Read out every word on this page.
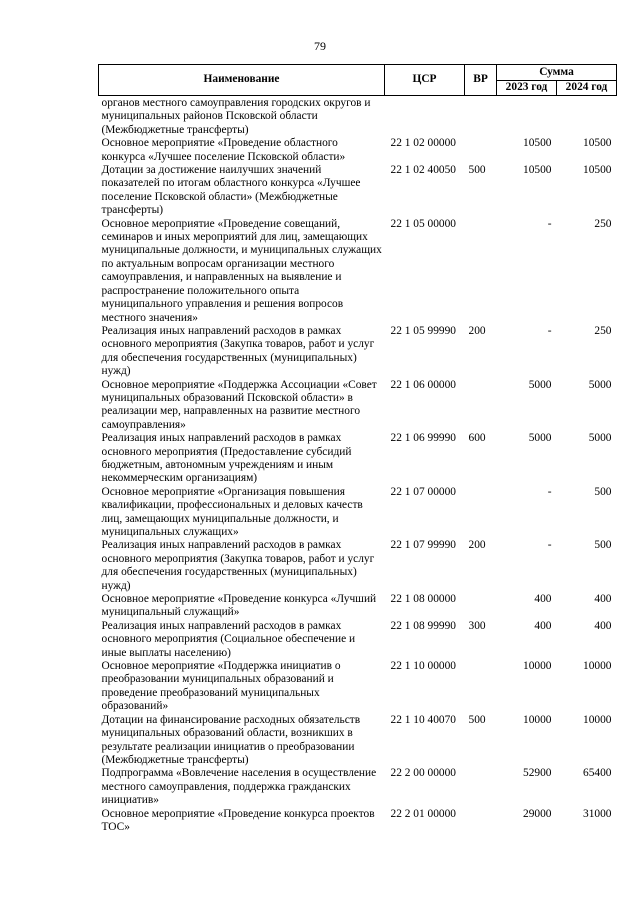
79
Наименование	ЦСР	ВР	Сумма	
			2023 год	2024 год
органов местного самоуправления городских округов и муниципальных районов Псковской области (Межбюджетные трансферты)				
Основное мероприятие «Проведение областного конкурса «Лучшее поселение Псковской области»	22 1 02 00000		10500	10500
Дотации за достижение наилучших значений показателей по итогам областного конкурса «Лучшее поселение Псковской области» (Межбюджетные трансферты)	22 1 02 40050	500	10500	10500
Основное мероприятие «Проведение совещаний, семинаров и иных мероприятий для лиц, замещающих муниципальные должности, и муниципальных служащих по актуальным вопросам организации местного самоуправления, и направленных на выявление и распространение положительного опыта муниципального управления и решения вопросов местного значения»	22 1 05 00000		-	250
Реализация иных направлений расходов в рамках основного мероприятия (Закупка товаров, работ и услуг для обеспечения государственных (муниципальных) нужд)	22 1 05 99990	200	-	250
Основное мероприятие «Поддержка Ассоциации «Совет муниципальных образований Псковской области» в реализации мер, направленных на развитие местного самоуправления»	22 1 06 00000		5000	5000
Реализация иных направлений расходов в рамках основного мероприятия (Предоставление субсидий бюджетным, автономным учреждениям и иным некоммерческим организациям)	22 1 06 99990	600	5000	5000
Основное мероприятие «Организация повышения квалификации, профессиональных и деловых качеств лиц, замещающих муниципальные должности, и муниципальных служащих»	22 1 07 00000		-	500
Реализация иных направлений расходов в рамках основного мероприятия (Закупка товаров, работ и услуг для обеспечения государственных (муниципальных) нужд)	22 1 07 99990	200	-	500
Основное мероприятие «Проведение конкурса «Лучший муниципальный служащий»	22 1 08 00000		400	400
Реализация иных направлений расходов в рамках основного мероприятия (Социальное обеспечение и иные выплаты населению)	22 1 08 99990	300	400	400
Основное мероприятие «Поддержка инициатив о преобразовании муниципальных образований и проведение преобразований муниципальных образований»	22 1 10 00000		10000	10000
Дотации на финансирование расходных обязательств муниципальных образований области, возникших в результате реализации инициатив о преобразовании (Межбюджетные трансферты)	22 1 10 40070	500	10000	10000
Подпрограмма «Вовлечение населения в осуществление местного самоуправления, поддержка гражданских инициатив»	22 2 00 00000		52900	65400
Основное мероприятие «Проведение конкурса проектов ТОС»	22 2 01 00000		29000	31000
